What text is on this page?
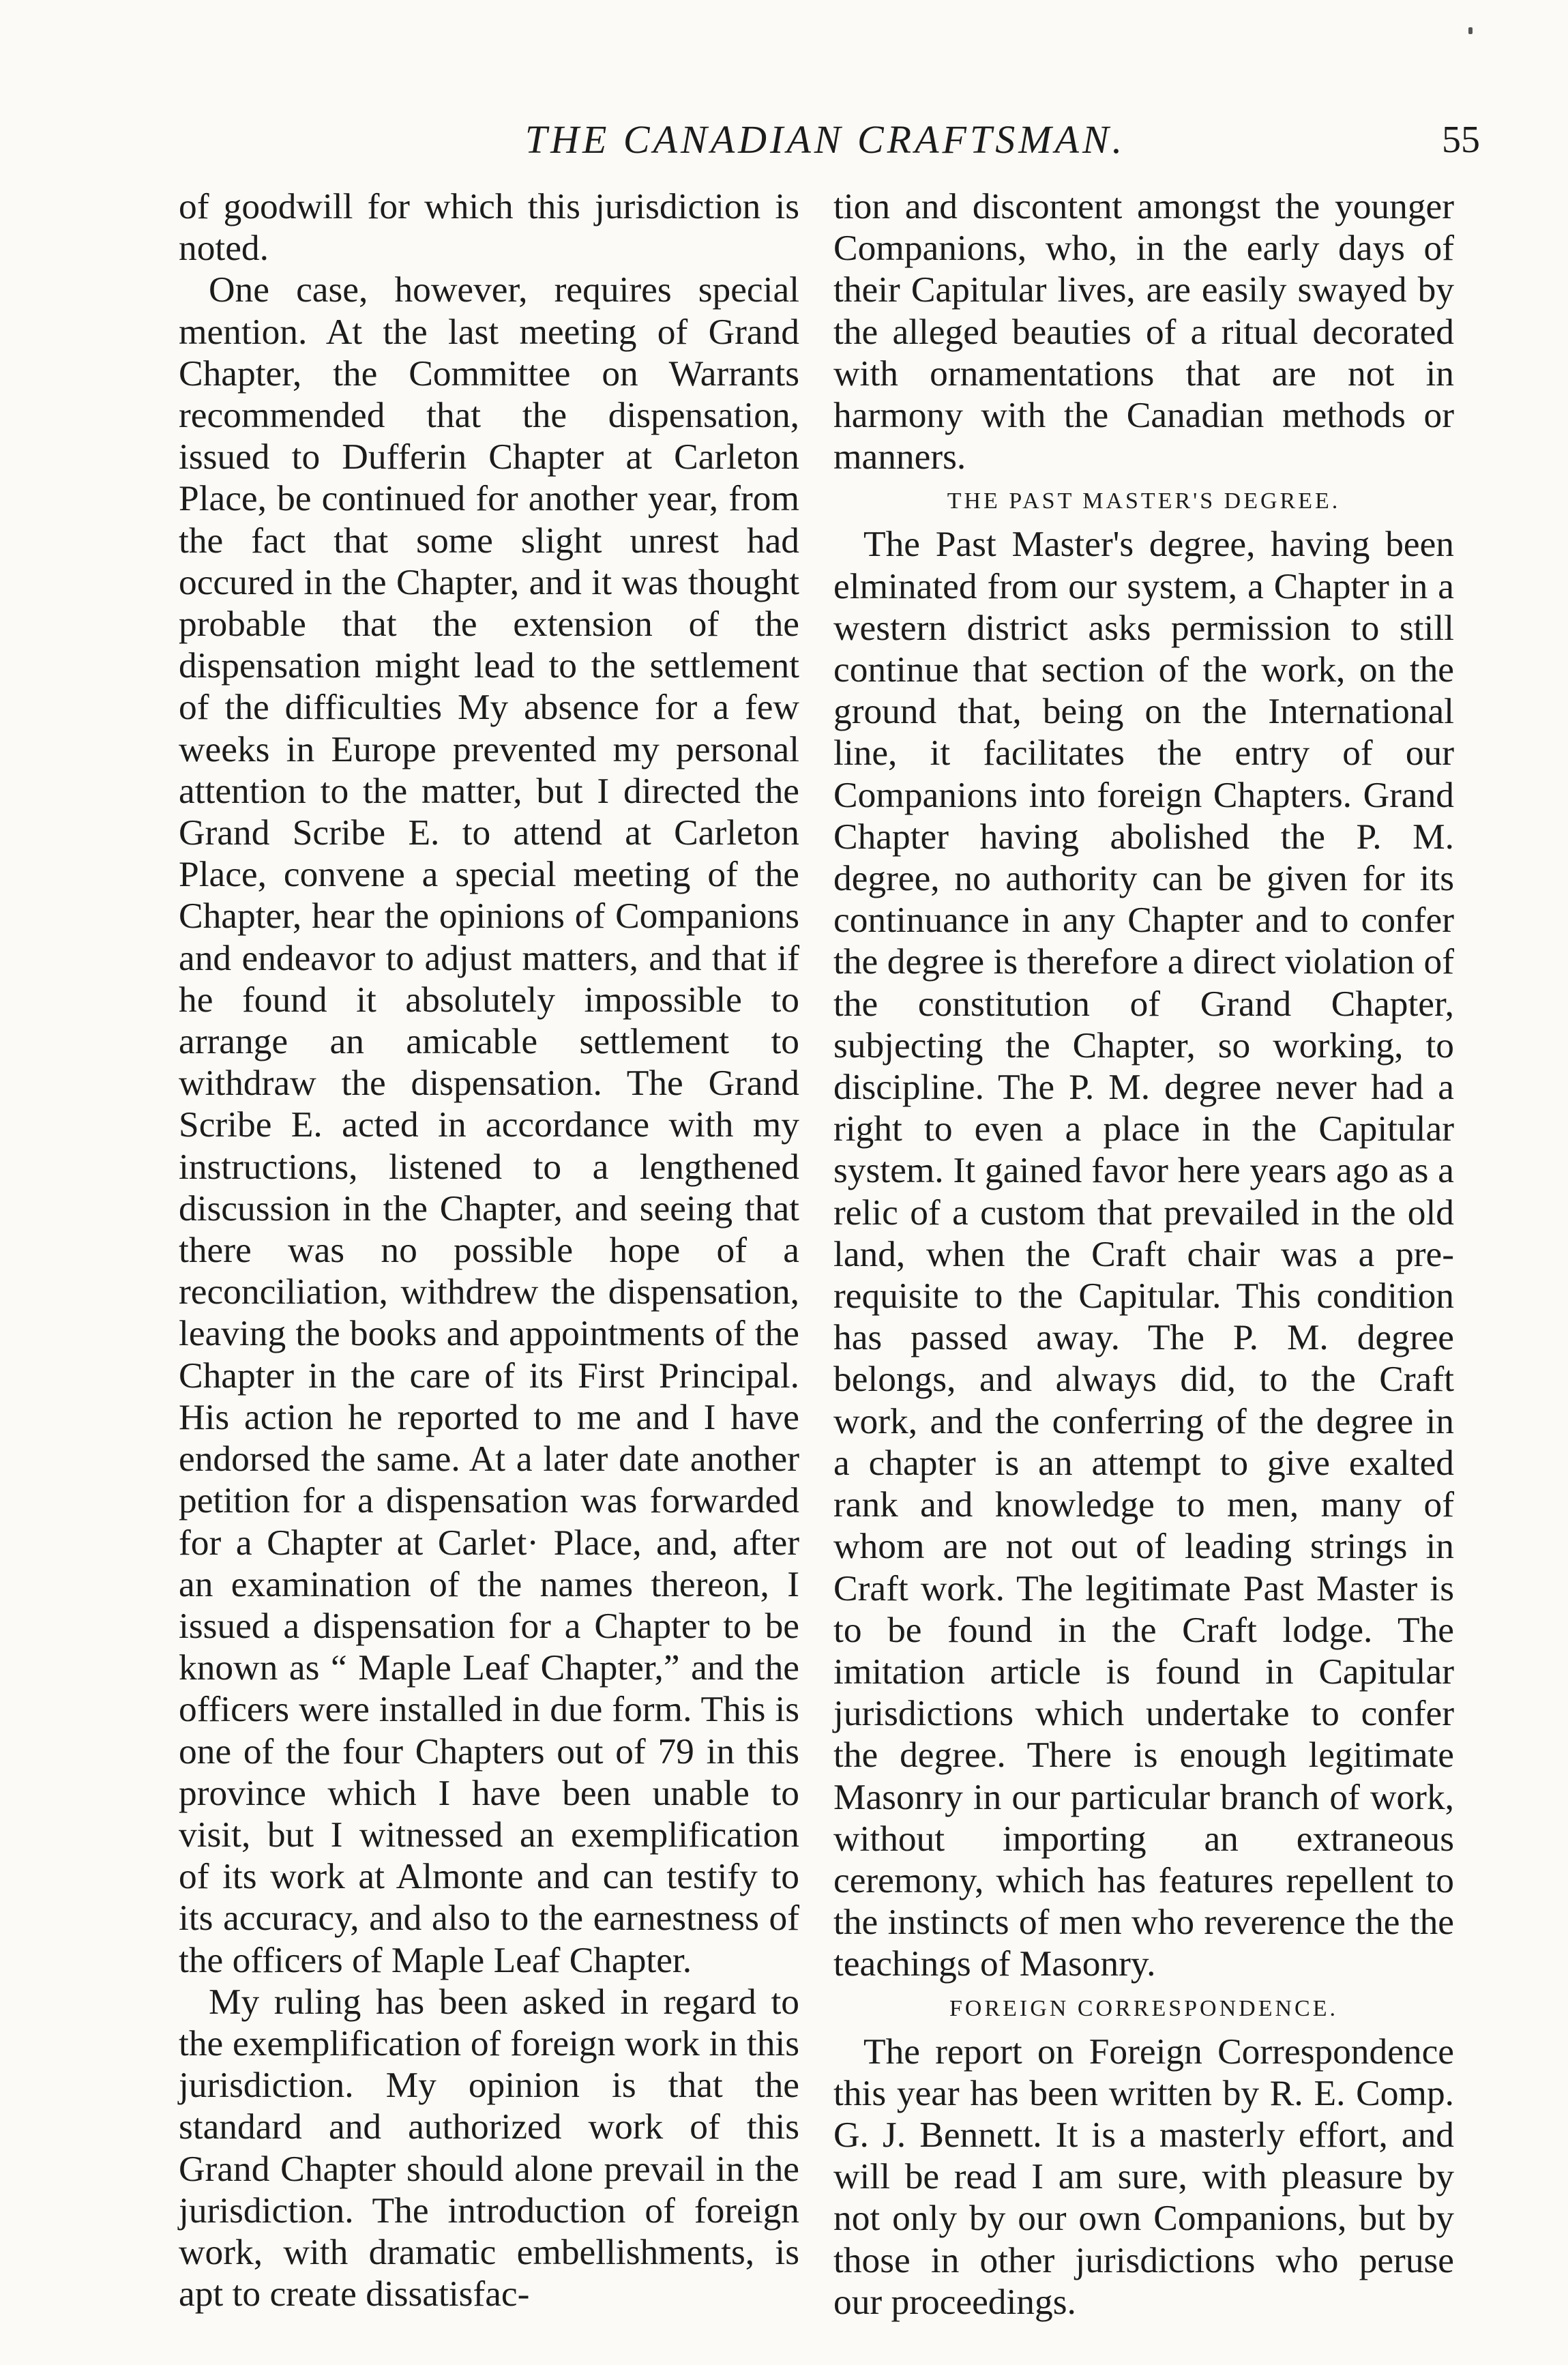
THE CANADIAN CRAFTSMAN.	55

of goodwill for which this jurisdiction is noted.

One case, however, requires special mention. At the last meeting of Grand Chapter, the Committee on Warrants recommended that the dispensation, issued to Dufferin Chapter at Carleton Place, be continued for another year, from the fact that some slight unrest had occured in the Chapter, and it was thought probable that the extension of the dispensation might lead to the settlement of the difficulties My absence for a few weeks in Europe prevented my personal attention to the matter, but I directed the Grand Scribe E. to attend at Carleton Place, convene a special meeting of the Chapter, hear the opinions of Companions and endeavor to adjust matters, and that if he found it absolutely impossible to arrange an amicable settlement to withdraw the dispensation. The Grand Scribe E. acted in accordance with my instructions, listened to a lengthened discussion in the Chapter, and seeing that there was no possible hope of a reconciliation, withdrew the dispensation, leaving the books and appointments of the Chapter in the care of its First Principal. His action he reported to me and I have endorsed the same. At a later date another petition for a dispensation was forwarded for a Chapter at Carlet· Place, and, after an examination of the names thereon, I issued a dispensation for a Chapter to be known as “ Maple Leaf Chapter,” and the officers were installed in due form. This is one of the four Chapters out of 79 in this province which I have been unable to visit, but I witnessed an exemplification of its work at Almonte and can testify to its accuracy, and also to the earnestness of the officers of Maple Leaf Chapter.

My ruling has been asked in regard to the exemplification of foreign work in this jurisdiction. My opinion is that the standard and authorized work of this Grand Chapter should alone prevail in the jurisdiction. The introduction of foreign work, with dramatic embellishments, is apt to create dissatisfac-

tion and discontent amongst the younger Companions, who, in the early days of their Capitular lives, are easily swayed by the alleged beauties of a ritual decorated with ornamentations that are not in harmony with the Canadian methods or manners.

THE PAST MASTER'S DEGREE.

The Past Master's degree, having been elminated from our system, a Chapter in a western district asks permission to still continue that section of the work, on the ground that, being on the International line, it facilitates the entry of our Companions into foreign Chapters. Grand Chapter having abolished the P. M. degree, no authority can be given for its continuance in any Chapter and to confer the degree is therefore a direct violation of the constitution of Grand Chapter, subjecting the Chapter, so working, to discipline. The P. M. degree never had a right to even a place in the Capitular system. It gained favor here years ago as a relic of a custom that prevailed in the old land, when the Craft chair was a pre-requisite to the Capitular. This condition has passed away. The P. M. degree belongs, and always did, to the Craft work, and the conferring of the degree in a chapter is an attempt to give exalted rank and knowledge to men, many of whom are not out of leading strings in Craft work. The legitimate Past Master is to be found in the Craft lodge. The imitation article is found in Capitular jurisdictions which undertake to confer the degree. There is enough legitimate Masonry in our particular branch of work, without importing an extraneous ceremony, which has features repellent to the instincts of men who reverence the the teachings of Masonry.

FOREIGN CORRESPONDENCE.

The report on Foreign Correspondence this year has been written by R. E. Comp. G. J. Bennett. It is a masterly effort, and will be read I am sure, with pleasure by not only by our own Companions, but by those in other jurisdictions who peruse our proceedings.
